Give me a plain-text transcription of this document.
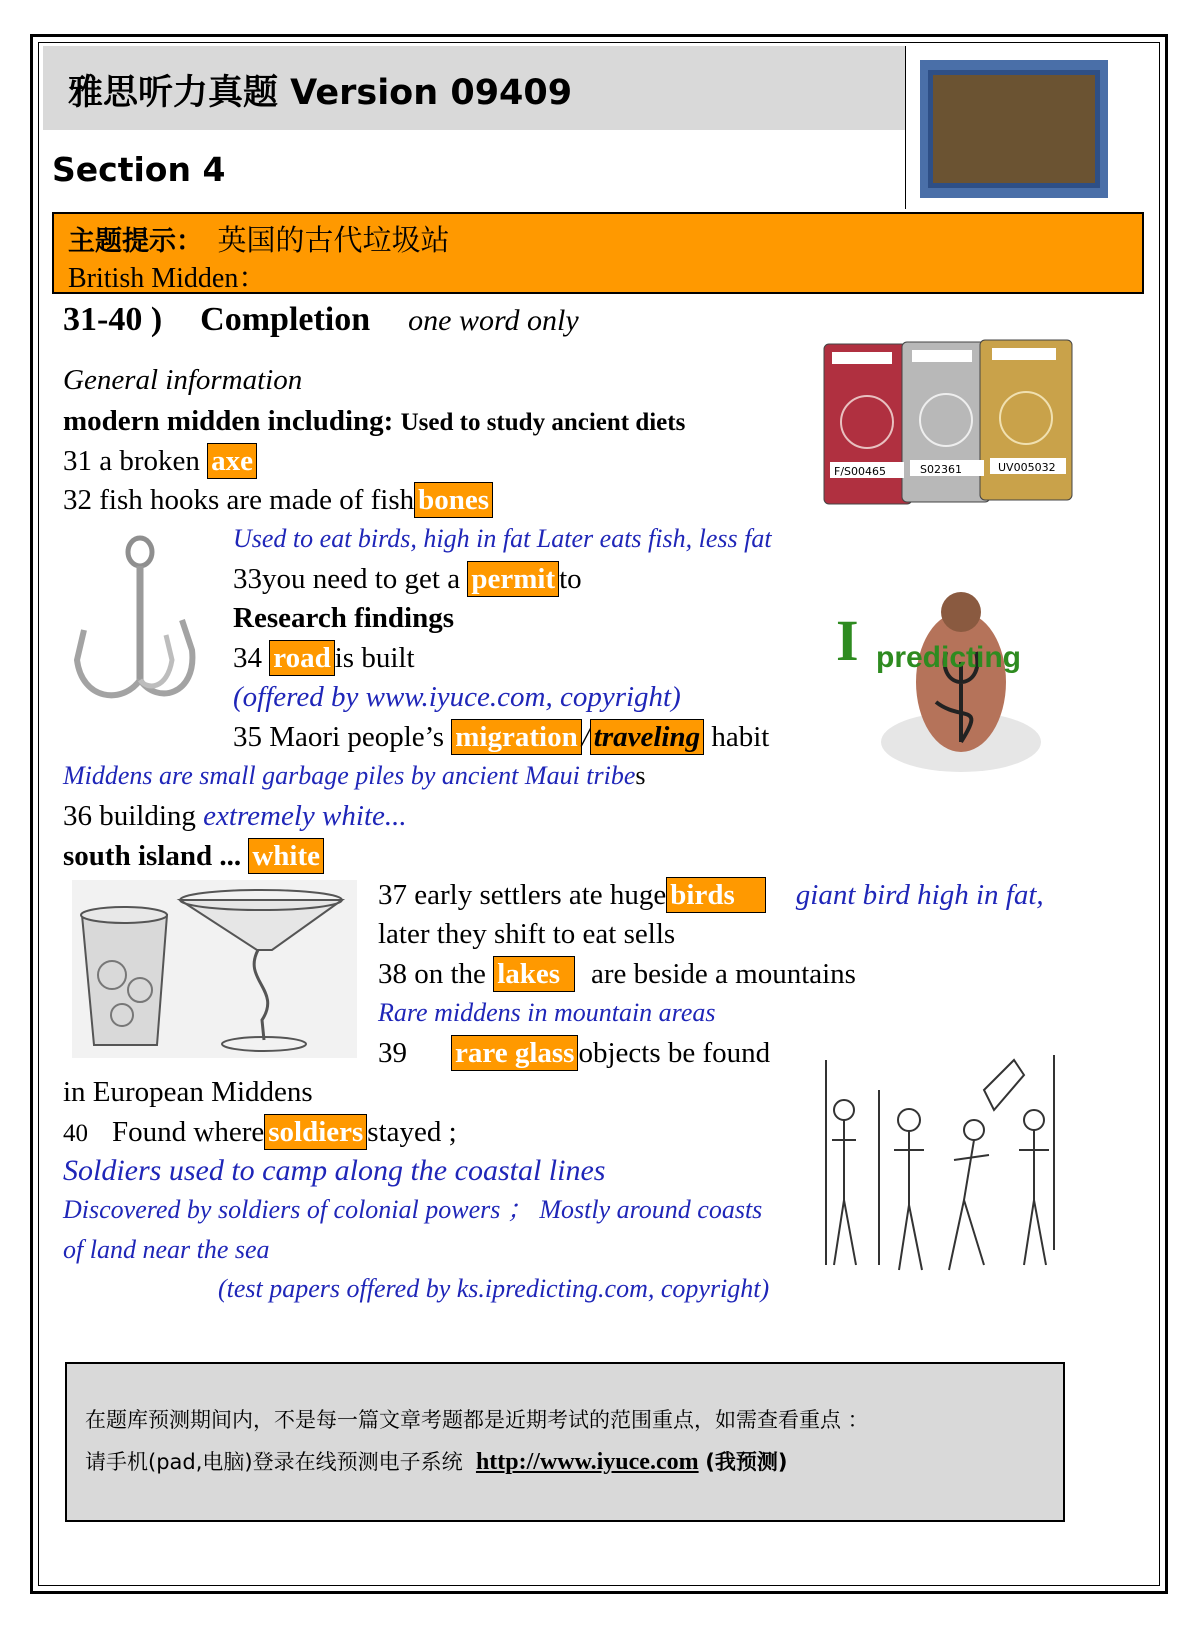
雅思听力真题 Version 09409
Section 4
主题提示： 英国的古代垃圾站
British Midden：
31-40 ) Completion one word only
General information
modern midden including: Used to study ancient diets
31 a broken axe
32 fish hooks are made of fish bones
Used to eat birds, high in fat Later eats fish, less fat
33you need to get a permit to
Research findings
34 road is built
(offered by www.iyuce.com, copyright)
35 Maori people’s migration / traveling habit
Middens are small garbage piles by ancient Maui tribes
36 building extremely white...
south island ... white
37 early settlers ate huge birds giant bird high in fat,
later they shift to eat sells
38 on the lakes are beside a mountains
Rare middens in mountain areas
39 rare glass objects be found
in European Middens
40 Found where soldiers stayed ;
Soldiers used to camp along the coastal lines
Discovered by soldiers of colonial powers ； Mostly around coasts
of land near the sea
(test papers offered by ks.ipredicting.com, copyright)
F/S00465	S02361	UV005032
I predicting
在题库预测期间内，不是每一篇文章考题都是近期考试的范围重点，如需查看重点 ：
请手机(pad,电脑)登录在线预测电子系统 http://www.iyuce.com (我预测)
